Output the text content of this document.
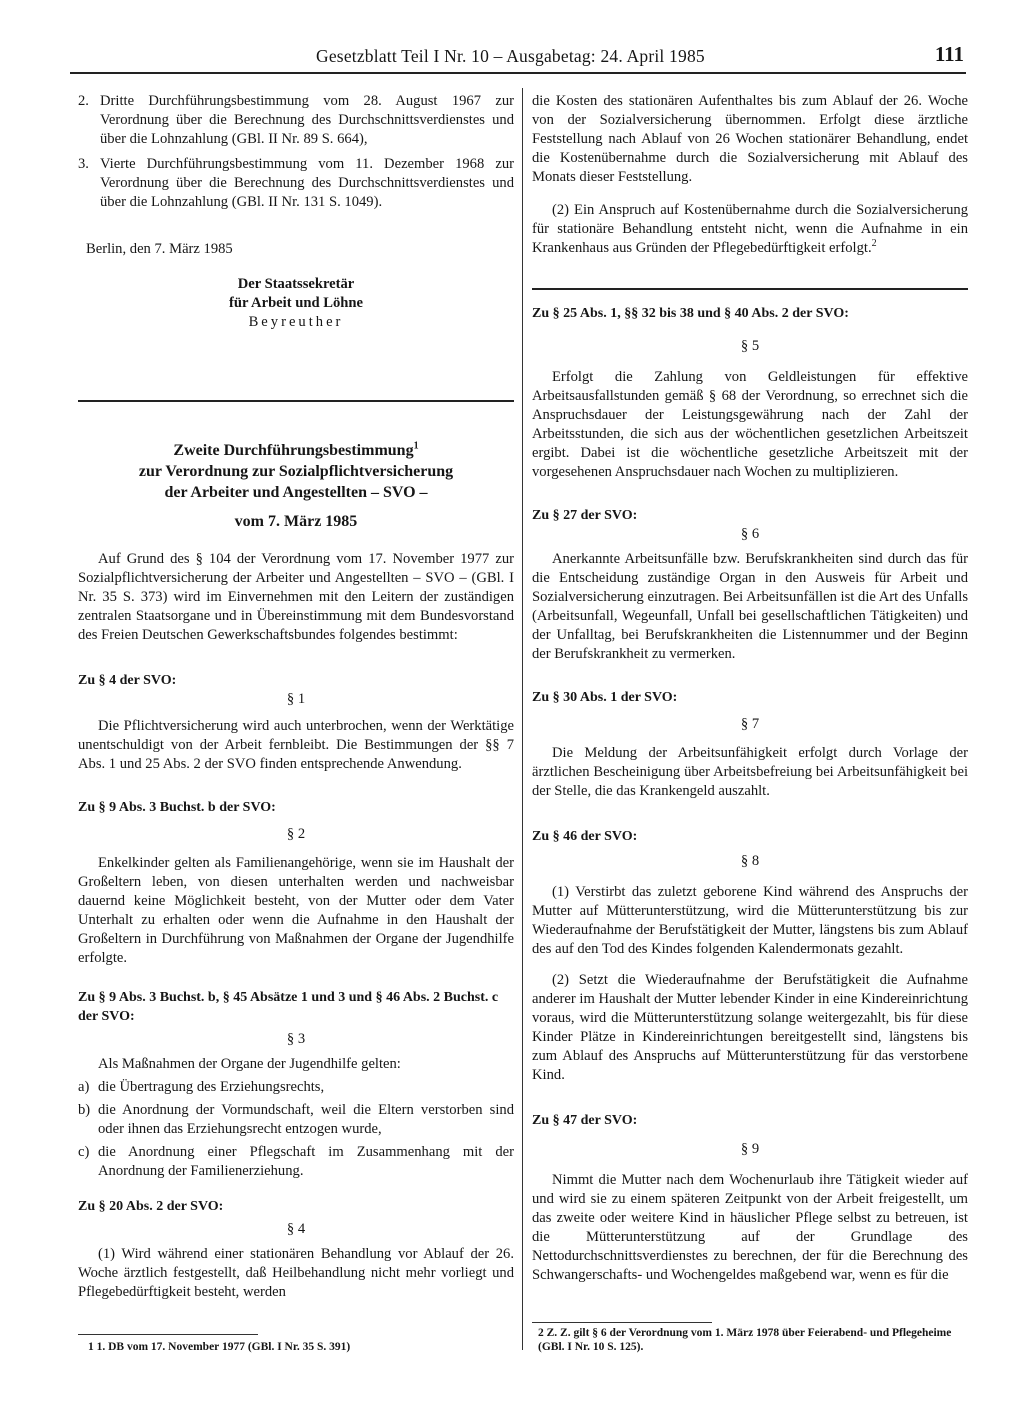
Gesetzblatt Teil I Nr. 10 – Ausgabetag: 24. April 1985	111
2. Dritte Durchführungsbestimmung vom 28. August 1967 zur Verordnung über die Berechnung des Durchschnittsverdienstes und über die Lohnzahlung (GBl. II Nr. 89 S. 664),
3. Vierte Durchführungsbestimmung vom 11. Dezember 1968 zur Verordnung über die Berechnung des Durchschnittsverdienstes und über die Lohnzahlung (GBl. II Nr. 131 S. 1049).

Berlin, den 7. März 1985

Der Staatssekretär
für Arbeit und Löhne
Beyreuther
Zweite Durchführungsbestimmung$^1$
zur Verordnung zur Sozialpflichtversicherung
der Arbeiter und Angestellten – SVO –
vom 7. März 1985

Auf Grund des § 104 der Verordnung vom 17. November 1977 zur Sozialpflichtversicherung der Arbeiter und Angestellten – SVO – (GBl. I Nr. 35 S. 373) wird im Einvernehmen mit den Leitern der zuständigen zentralen Staatsorgane und in Übereinstimmung mit dem Bundesvorstand des Freien Deutschen Gewerkschaftsbundes folgendes bestimmt:

Zu § 4 der SVO:
§ 1

Die Pflichtversicherung wird auch unterbrochen, wenn der Werktätige unentschuldigt von der Arbeit fernbleibt. Die Bestimmungen der §§ 7 Abs. 1 und 25 Abs. 2 der SVO finden entsprechende Anwendung.

Zu § 9 Abs. 3 Buchst. b der SVO:
§ 2

Enkelkinder gelten als Familienangehörige, wenn sie im Haushalt der Großeltern leben, von diesen unterhalten werden und nachweisbar dauernd keine Möglichkeit besteht, von der Mutter oder dem Vater Unterhalt zu erhalten oder wenn die Aufnahme in den Haushalt der Großeltern in Durchführung von Maßnahmen der Organe der Jugendhilfe erfolgte.

Zu § 9 Abs. 3 Buchst. b, § 45 Absätze 1 und 3 und § 46 Abs. 2 Buchst. c der SVO:
§ 3

Als Maßnahmen der Organe der Jugendhilfe gelten:

a) die Übertragung des Erziehungsrechts,
b) die Anordnung der Vormundschaft, weil die Eltern verstorben sind oder ihnen das Erziehungsrecht entzogen wurde,
c) die Anordnung einer Pflegschaft im Zusammenhang mit der Anordnung der Familienerziehung.
Zu § 20 Abs. 2 der SVO:
§ 4

(1) Wird während einer stationären Behandlung vor Ablauf der 26. Woche ärztlich festgestellt, daß Heilbehandlung nicht mehr vorliegt und Pflegebedürftigkeit besteht, werden

1 1. DB vom 17. November 1977 (GBl. I Nr. 35 S. 391)

die Kosten des stationären Aufenthaltes bis zum Ablauf der 26. Woche von der Sozialversicherung übernommen. Erfolgt diese ärztliche Feststellung nach Ablauf von 26 Wochen stationärer Behandlung, endet die Kostenübernahme durch die Sozialversicherung mit Ablauf des Monats dieser Feststellung.

(2) Ein Anspruch auf Kostenübernahme durch die Sozialversicherung für stationäre Behandlung entsteht nicht, wenn die Aufnahme in ein Krankenhaus aus Gründen der Pflegebedürftigkeit erfolgt.$^2$

Zu § 25 Abs. 1, §§ 32 bis 38 und § 40 Abs. 2 der SVO:
§ 5

Erfolgt die Zahlung von Geldleistungen für effektive Arbeitsausfallstunden gemäß § 68 der Verordnung, so errechnet sich die Anspruchsdauer der Leistungsgewährung nach der Zahl der Arbeitsstunden, die sich aus der wöchentlichen gesetzlichen Arbeitszeit ergibt. Dabei ist die wöchentliche gesetzliche Arbeitszeit mit der vorgesehenen Anspruchsdauer nach Wochen zu multiplizieren.

Zu § 27 der SVO:
§ 6

Anerkannte Arbeitsunfälle bzw. Berufskrankheiten sind durch das für die Entscheidung zuständige Organ in den Ausweis für Arbeit und Sozialversicherung einzutragen. Bei Arbeitsunfällen ist die Art des Unfalls (Arbeitsunfall, Wegeunfall, Unfall bei gesellschaftlichen Tätigkeiten) und der Unfalltag, bei Berufskrankheiten die Listennummer und der Beginn der Berufskrankheit zu vermerken.

Zu § 30 Abs. 1 der SVO:
§ 7

Die Meldung der Arbeitsunfähigkeit erfolgt durch Vorlage der ärztlichen Bescheinigung über Arbeitsbefreiung bei Arbeitsunfähigkeit bei der Stelle, die das Krankengeld auszahlt.

Zu § 46 der SVO:
§ 8

(1) Verstirbt das zuletzt geborene Kind während des Anspruchs der Mutter auf Mütterunterstützung, wird die Mütterunterstützung bis zur Wiederaufnahme der Berufstätigkeit der Mutter, längstens bis zum Ablauf des auf den Tod des Kindes folgenden Kalendermonats gezahlt.

(2) Setzt die Wiederaufnahme der Berufstätigkeit die Aufnahme anderer im Haushalt der Mutter lebender Kinder in eine Kindereinrichtung voraus, wird die Mütterunterstützung solange weitergezahlt, bis für diese Kinder Plätze in Kindereinrichtungen bereitgestellt sind, längstens bis zum Ablauf des Anspruchs auf Mütterunterstützung für das verstorbene Kind.

Zu § 47 der SVO:
§ 9

Nimmt die Mutter nach dem Wochenurlaub ihre Tätigkeit wieder auf und wird sie zu einem späteren Zeitpunkt von der Arbeit freigestellt, um das zweite oder weitere Kind in häuslicher Pflege selbst zu betreuen, ist die Mütterunterstützung auf der Grundlage des Nettodurchschnittsverdienstes zu berechnen, der für die Berechnung des Schwangerschafts- und Wochengeldes maßgebend war, wenn es für die

2 Z. Z. gilt § 6 der Verordnung vom 1. März 1978 über Feierabend- und Pflegeheime (GBl. I Nr. 10 S. 125).
